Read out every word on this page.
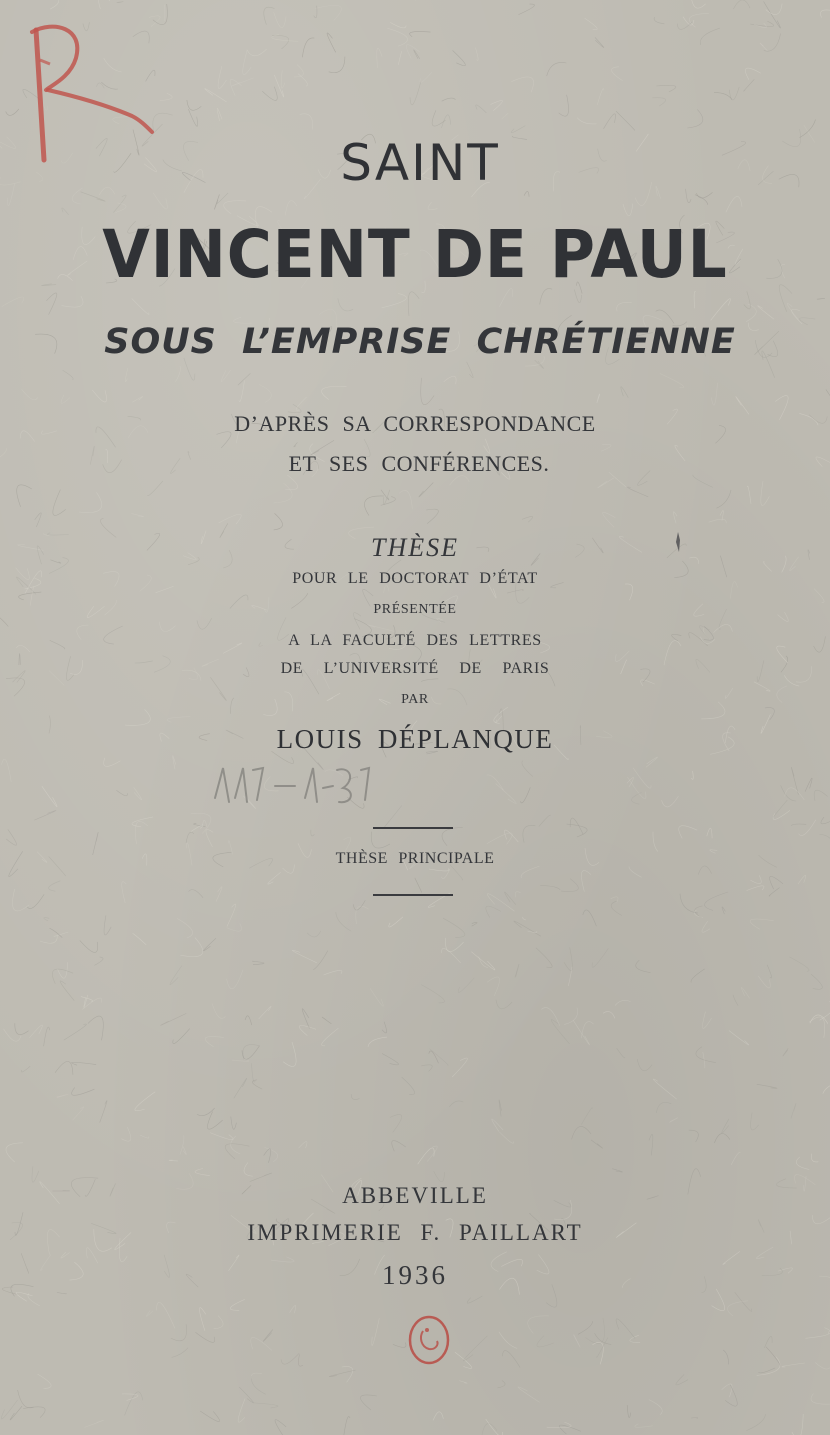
SAINT
VINCENT DE PAUL
SOUS L’EMPRISE CHRÉTIENNE
D’APRÈS SA CORRESPONDANCE
ET SES CONFÉRENCES.
THÈSE
POUR LE DOCTORAT D’ÉTAT
PRÉSENTÉE
A LA FACULTÉ DES LETTRES
DE L’UNIVERSITÉ DE PARIS
PAR
LOUIS DÉPLANQUE
THÈSE PRINCIPALE
ABBEVILLE
IMPRIMERIE F. PAILLART
1936
